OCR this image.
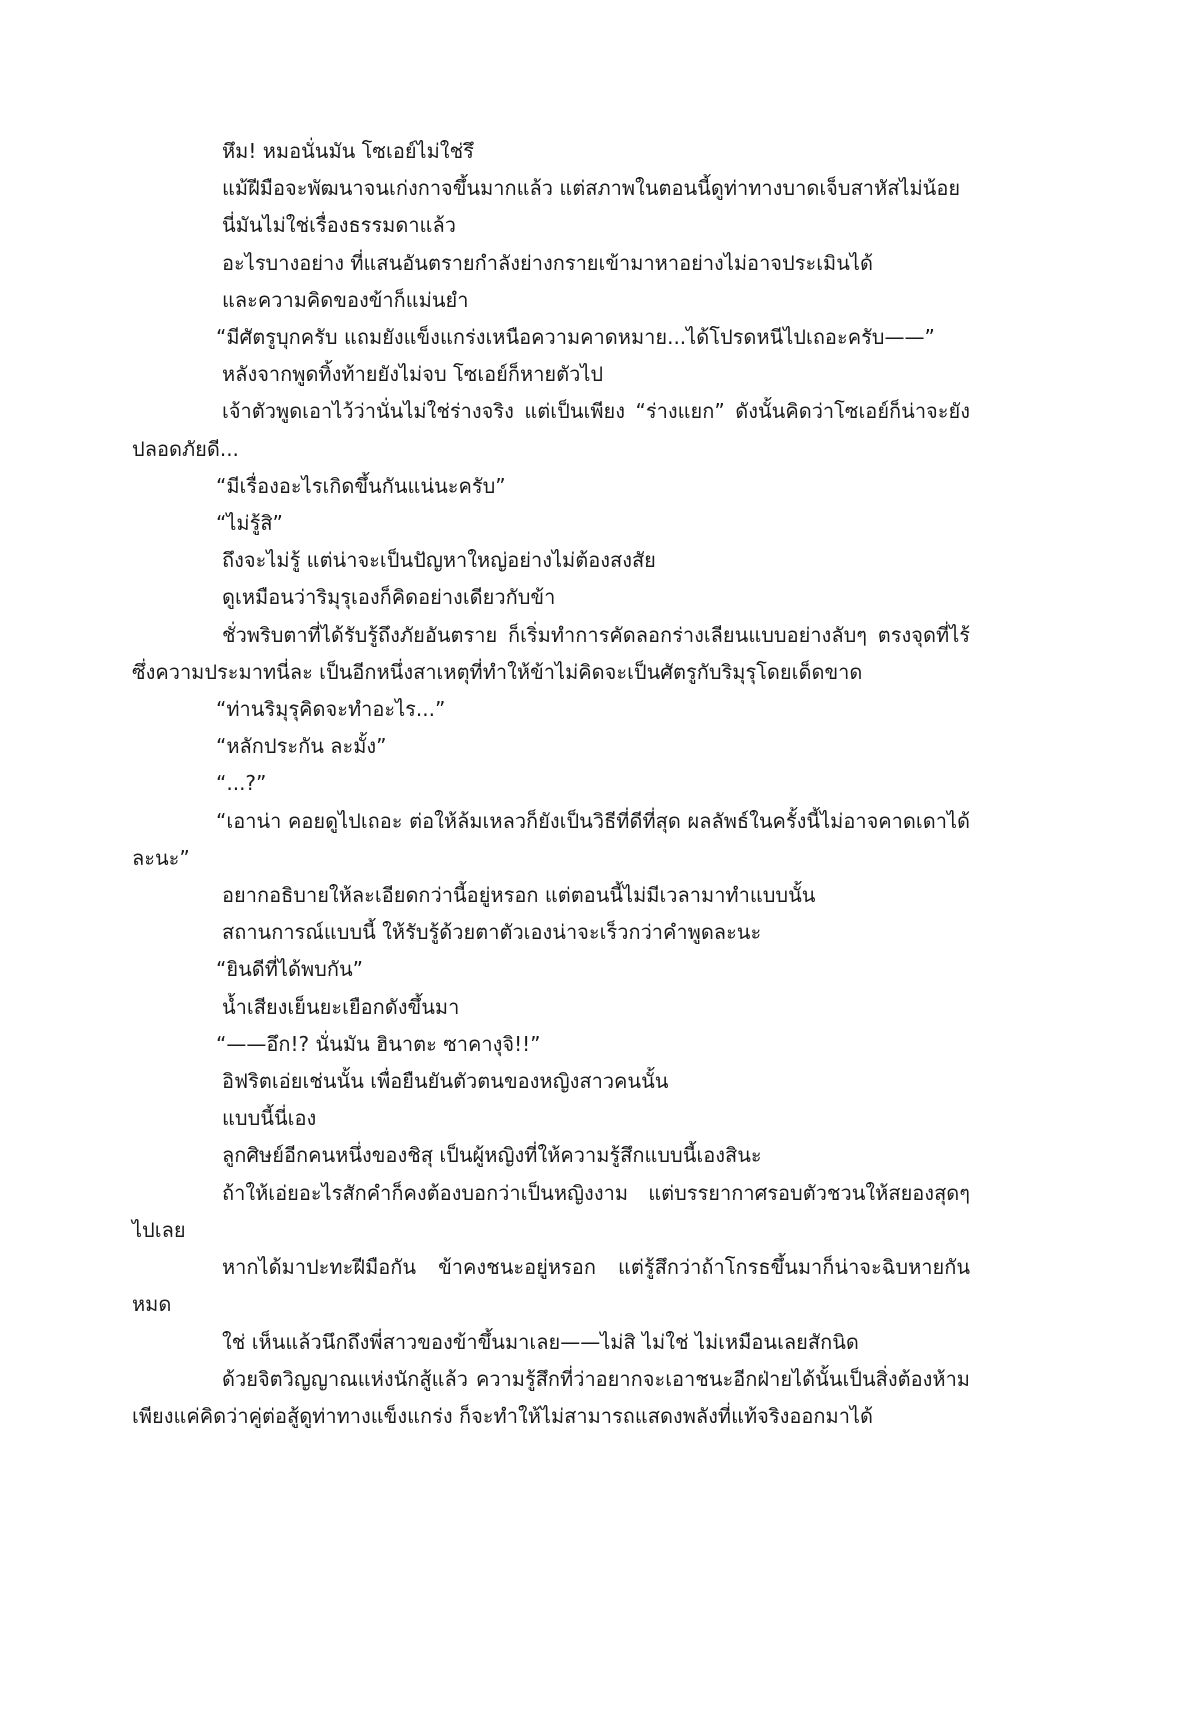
หึม! หมอนั่นมัน โซเอย์ไม่ใช่รึ

แม้ฝีมือจะพัฒนาจนเก่งกาจขึ้นมากแล้ว แต่สภาพในตอนนี้ดูท่าทางบาดเจ็บสาหัสไม่น้อย

นี่มันไม่ใช่เรื่องธรรมดาแล้ว

อะไรบางอย่าง ที่แสนอันตรายกำลังย่างกรายเข้ามาหาอย่างไม่อาจประเมินได้

และความคิดของข้าก็แม่นยำ

“มีศัตรูบุกครับ แถมยังแข็งแกร่งเหนือความคาดหมาย...ได้โปรดหนีไปเถอะครับ——”

หลังจากพูดทิ้งท้ายยังไม่จบ โซเอย์ก็หายตัวไป

เจ้าตัวพูดเอาไว้ว่านั่นไม่ใช่ร่างจริง แต่เป็นเพียง “ร่างแยก” ดังนั้นคิดว่าโซเอย์ก็น่าจะยังปลอดภัยดี...

“มีเรื่องอะไรเกิดขึ้นกันแน่นะครับ”

“ไม่รู้สิ”

ถึงจะไม่รู้ แต่น่าจะเป็นปัญหาใหญ่อย่างไม่ต้องสงสัย

ดูเหมือนว่าริมุรุเองก็คิดอย่างเดียวกับข้า

ชั่วพริบตาที่ได้รับรู้ถึงภัยอันตราย ก็เริ่มทำการคัดลอกร่างเลียนแบบอย่างลับๆ ตรงจุดที่ไร้ซึ่งความประมาทนี่ละ เป็นอีกหนึ่งสาเหตุที่ทำให้ข้าไม่คิดจะเป็นศัตรูกับริมุรุโดยเด็ดขาด

“ท่านริมุรุคิดจะทำอะไร...”

“หลักประกัน ละมั้ง”

“...?”

“เอาน่า คอยดูไปเถอะ ต่อให้ล้มเหลวก็ยังเป็นวิธีที่ดีที่สุด ผลลัพธ์ในครั้งนี้ไม่อาจคาดเดาได้ละนะ”

อยากอธิบายให้ละเอียดกว่านี้อยู่หรอก แต่ตอนนี้ไม่มีเวลามาทำแบบนั้น

สถานการณ์แบบนี้ ให้รับรู้ด้วยตาตัวเองน่าจะเร็วกว่าคำพูดละนะ

“ยินดีที่ได้พบกัน”

น้ำเสียงเย็นยะเยือกดังขึ้นมา

“——อึก!? นั่นมัน ฮินาตะ ซาคางุจิ!!”

อิฟริตเอ่ยเช่นนั้น เพื่อยืนยันตัวตนของหญิงสาวคนนั้น

แบบนี้นี่เอง

ลูกศิษย์อีกคนหนึ่งของชิสุ เป็นผู้หญิงที่ให้ความรู้สึกแบบนี้เองสินะ

ถ้าให้เอ่ยอะไรสักคำก็คงต้องบอกว่าเป็นหญิงงาม แต่บรรยากาศรอบตัวชวนให้สยองสุดๆไปเลย

หากได้มาปะทะฝีมือกัน ข้าคงชนะอยู่หรอก แต่รู้สึกว่าถ้าโกรธขึ้นมาก็น่าจะฉิบหายกันหมด

ใช่ เห็นแล้วนึกถึงพี่สาวของข้าขึ้นมาเลย——ไม่สิ ไม่ใช่ ไม่เหมือนเลยสักนิด

ด้วยจิตวิญญาณแห่งนักสู้แล้ว ความรู้สึกที่ว่าอยากจะเอาชนะอีกฝ่ายได้นั้นเป็นสิ่งต้องห้าม เพียงแค่คิดว่าคู่ต่อสู้ดูท่าทางแข็งแกร่ง ก็จะทำให้ไม่สามารถแสดงพลังที่แท้จริงออกมาได้
